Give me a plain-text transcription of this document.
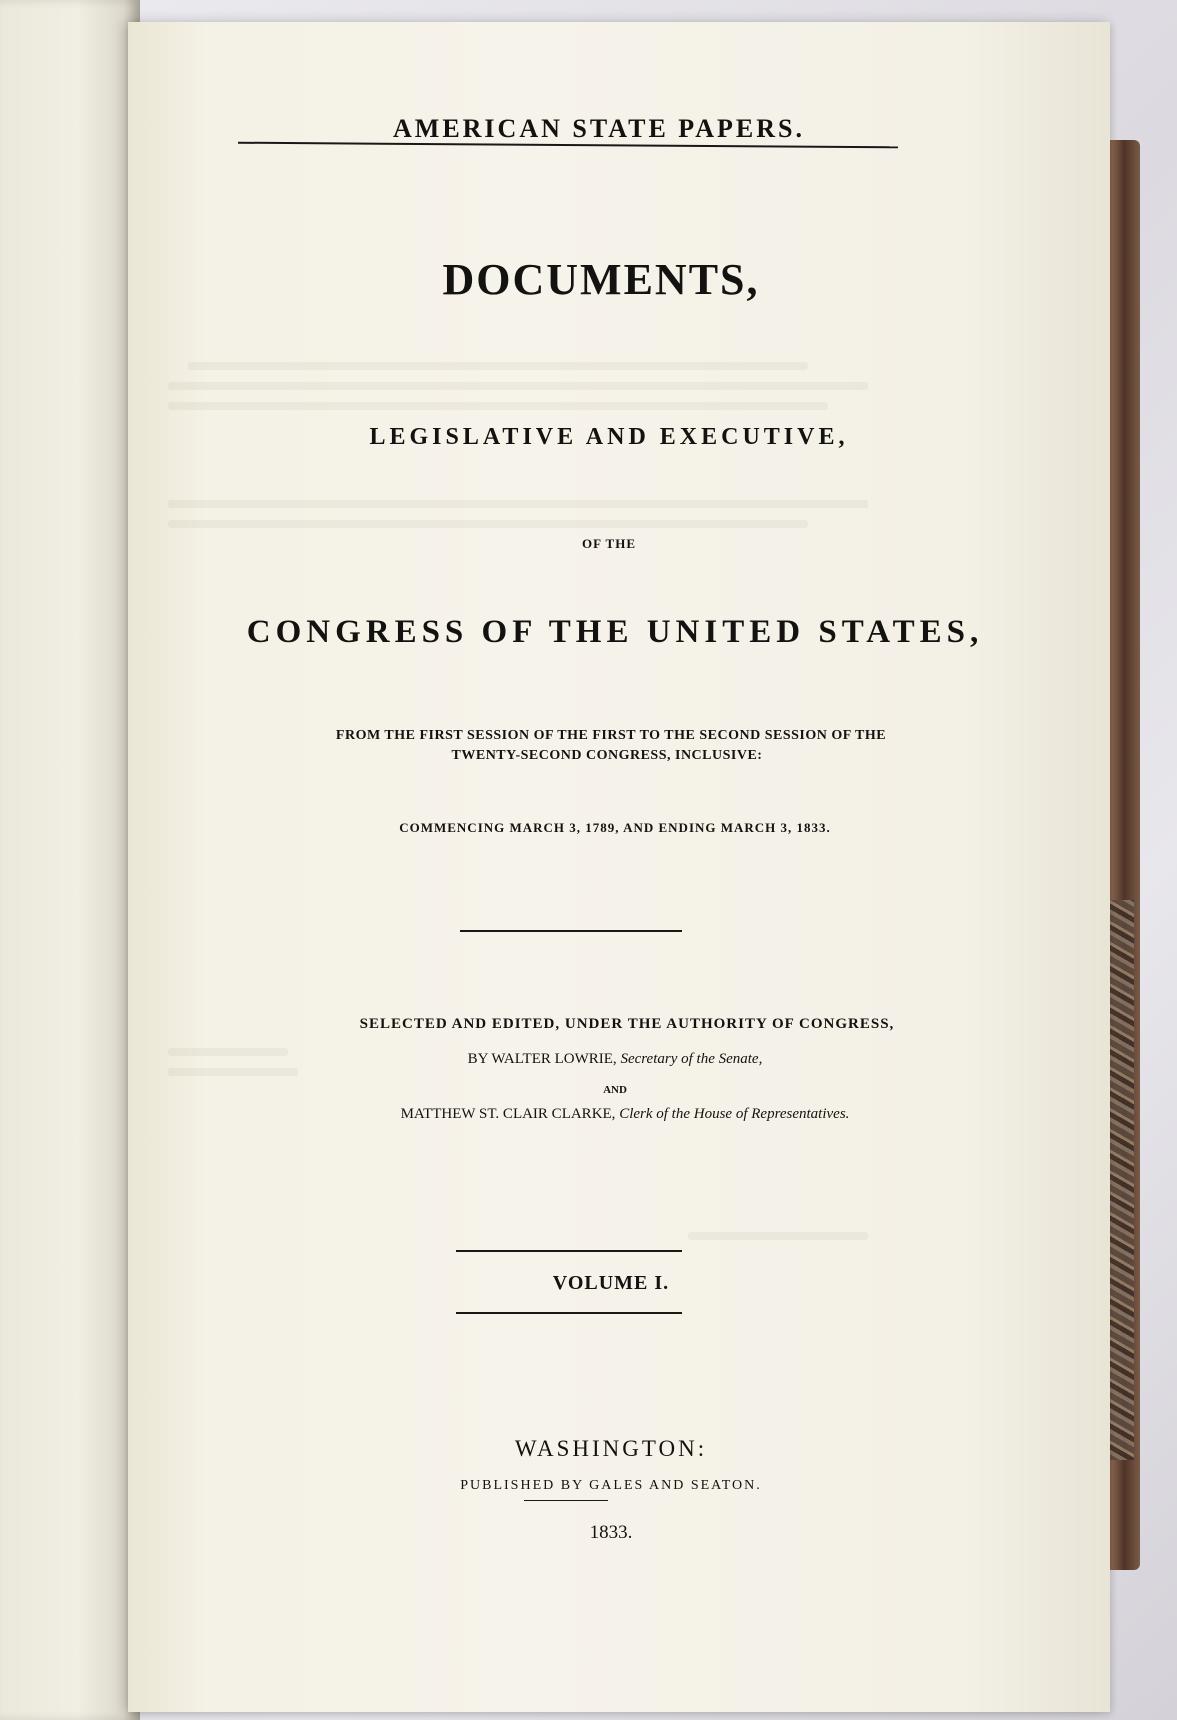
AMERICAN STATE PAPERS.
DOCUMENTS,
LEGISLATIVE AND EXECUTIVE,
OF THE
CONGRESS OF THE UNITED STATES,
FROM THE FIRST SESSION OF THE FIRST TO THE SECOND SESSION OF THE
TWENTY-SECOND CONGRESS, INCLUSIVE:
COMMENCING MARCH 3, 1789, AND ENDING MARCH 3, 1833.
SELECTED AND EDITED, UNDER THE AUTHORITY OF CONGRESS,
BY WALTER LOWRIE, Secretary of the Senate,
AND
MATTHEW ST. CLAIR CLARKE, Clerk of the House of Representatives.
VOLUME I.
WASHINGTON:
PUBLISHED BY GALES AND SEATON.
1833.
